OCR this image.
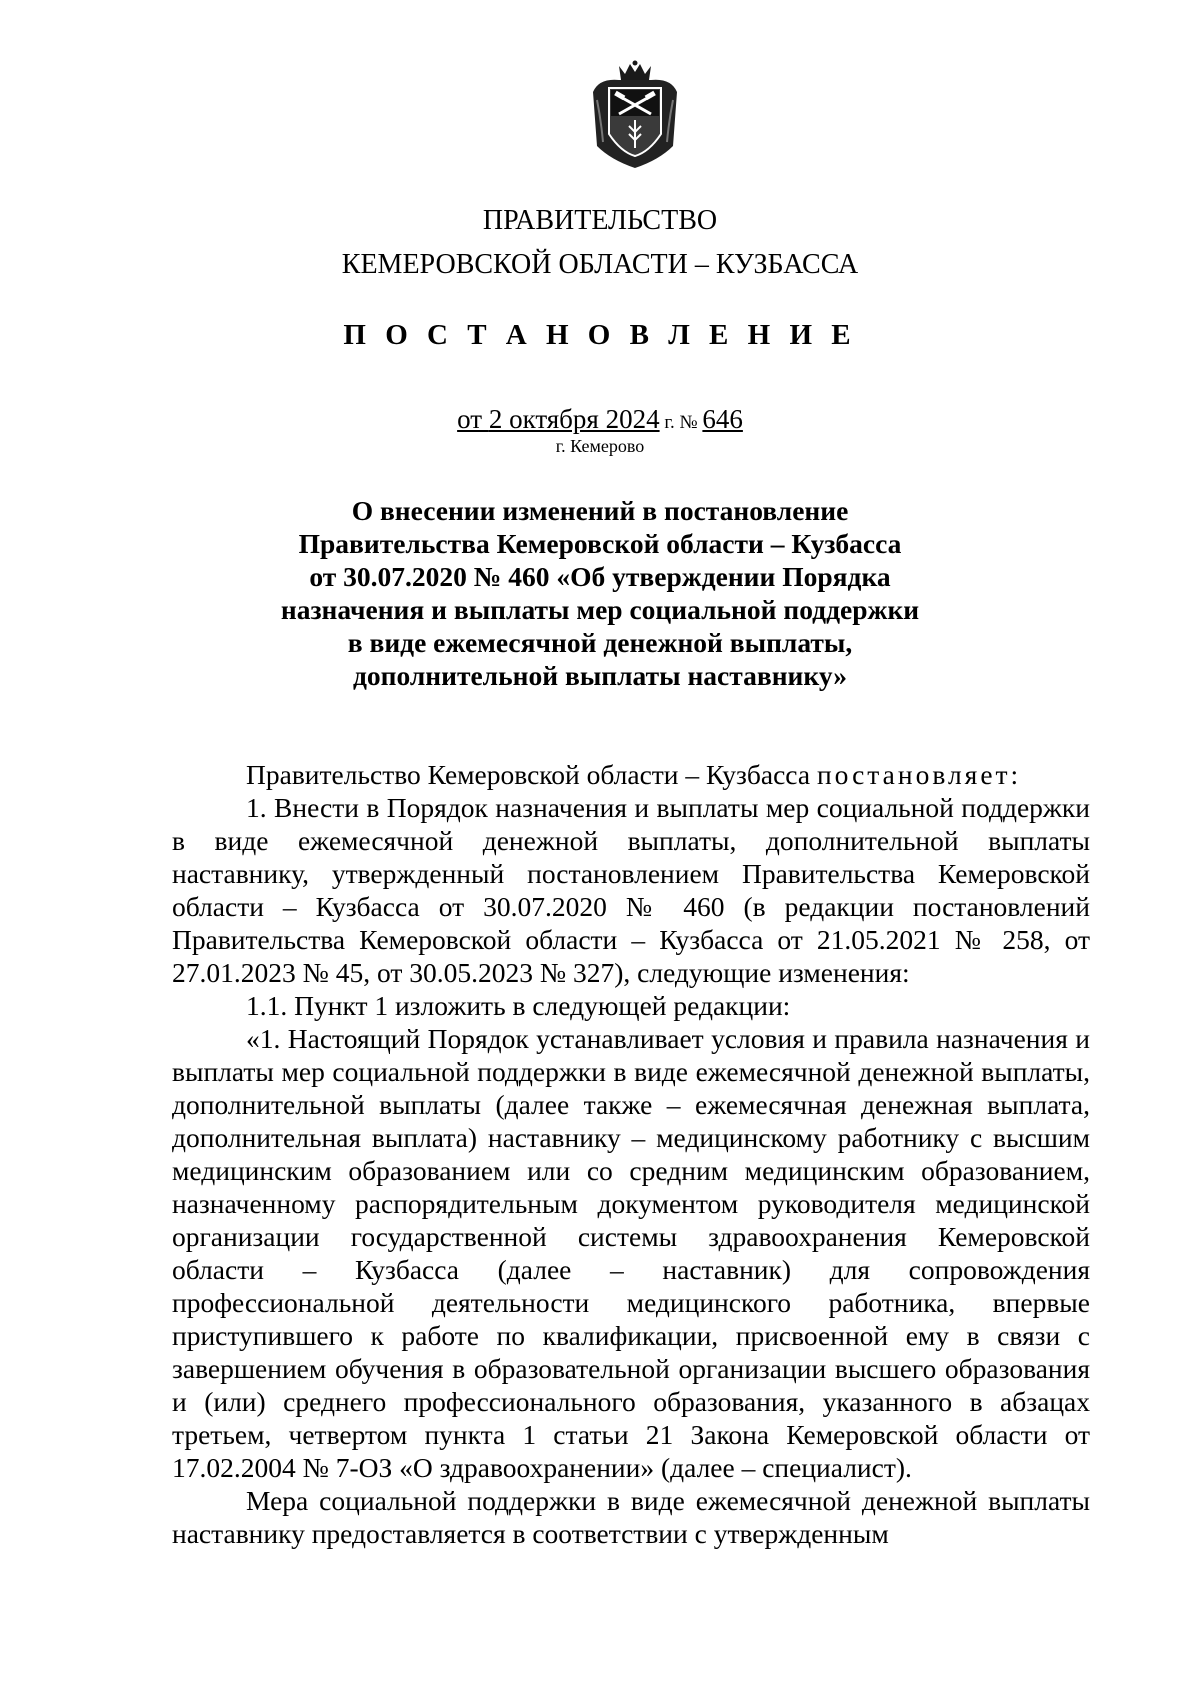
ПРАВИТЕЛЬСТВО
КЕМЕРОВСКОЙ ОБЛАСТИ – КУЗБАССА
П О С Т А Н О В Л Е Н И Е
от 2 октября 2024 г. № 646
г. Кемерово
О внесении изменений в постановление
Правительства Кемеровской области – Кузбасса
от 30.07.2020 № 460 «Об утверждении Порядка
назначения и выплаты мер социальной поддержки
в виде ежемесячной денежной выплаты,
дополнительной выплаты наставнику»

Правительство Кемеровской области – Кузбасса постановляет:

1. Внести в Порядок назначения и выплаты мер социальной поддержки в виде ежемесячной денежной выплаты, дополнительной выплаты наставнику, утвержденный постановлением Правительства Кемеровской области – Кузбасса от 30.07.2020 № 460 (в редакции постановлений Правительства Кемеровской области – Кузбасса от 21.05.2021 № 258, от 27.01.2023 № 45, от 30.05.2023 № 327), следующие изменения:

1.1. Пункт 1 изложить в следующей редакции:

«1. Настоящий Порядок устанавливает условия и правила назначения и выплаты мер социальной поддержки в виде ежемесячной денежной выплаты, дополнительной выплаты (далее также – ежемесячная денежная выплата, дополнительная выплата) наставнику – медицинскому работнику с высшим медицинским образованием или со средним медицинским образованием, назначенному распорядительным документом руководителя медицинской организации государственной системы здравоохранения Кемеровской области – Кузбасса (далее – наставник) для сопровождения профессиональной деятельности медицинского работника, впервые приступившего к работе по квалификации, присвоенной ему в связи с завершением обучения в образовательной организации высшего образования и (или) среднего профессионального образования, указанного в абзацах третьем, четвертом пункта 1 статьи 21 Закона Кемеровской области от 17.02.2004 № 7-ОЗ «О здравоохранении» (далее – специалист).

Мера социальной поддержки в виде ежемесячной денежной выплаты наставнику предоставляется в соответствии с утвержденным
